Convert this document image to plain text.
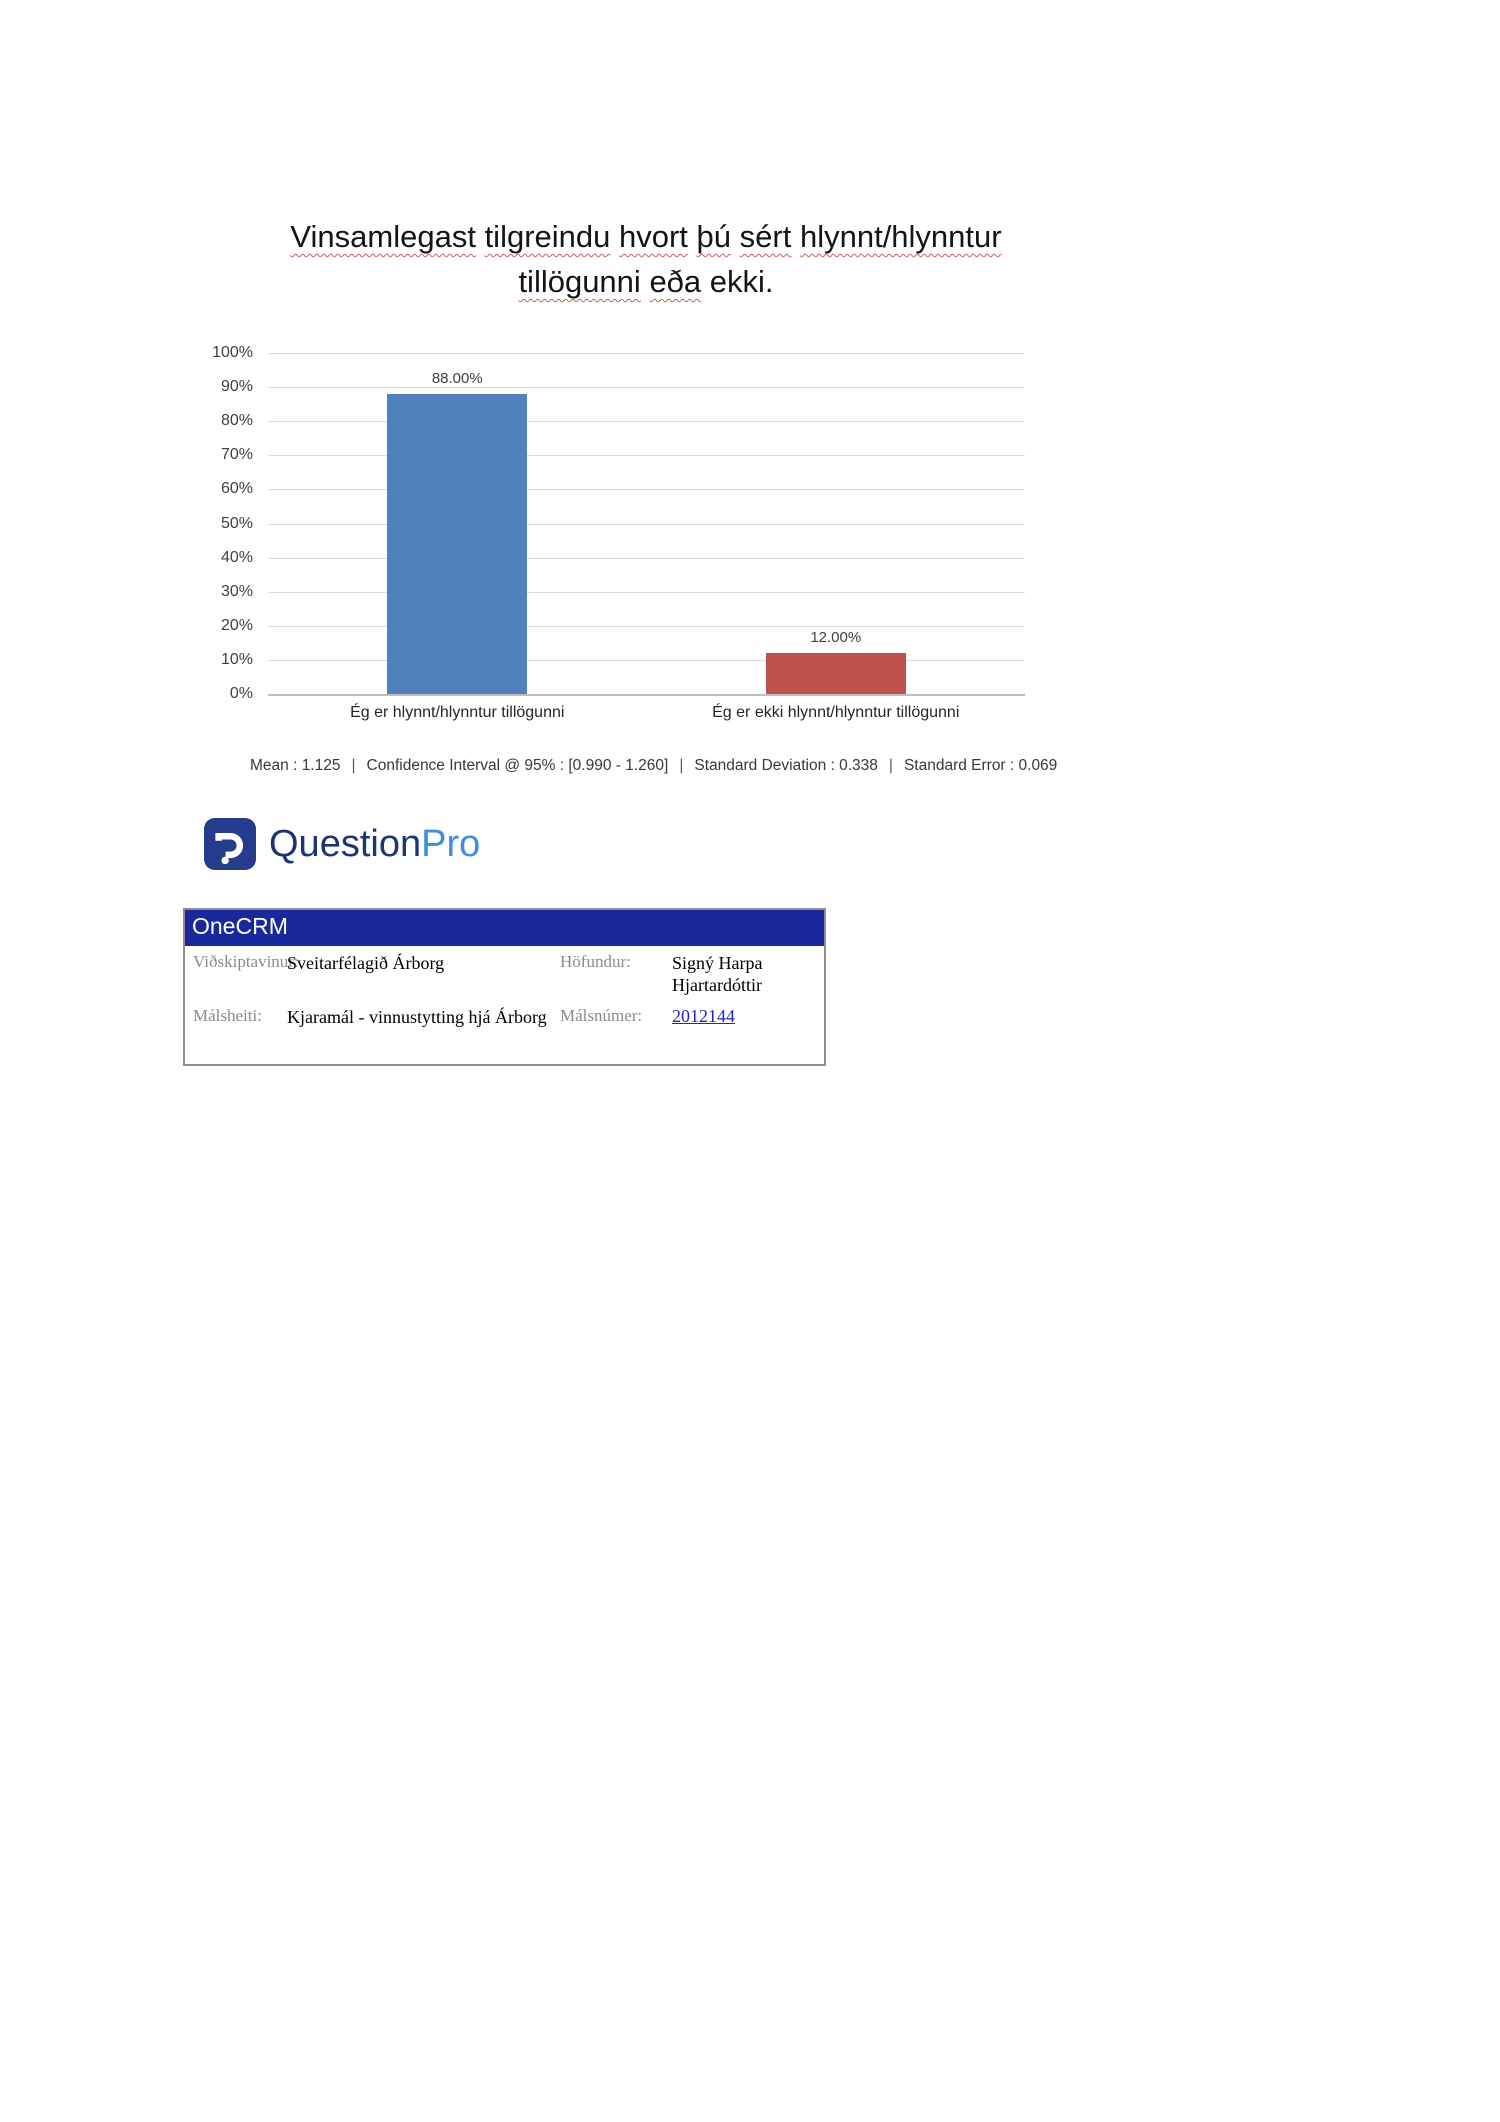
Vinsamlegast tilgreindu hvort þú sért hlynnt/hlynntur
tillögunni eða ekki.
0%
10%
20%
30%
40%
50%
60%
70%
80%
90%
100%
88.00%
Ég er hlynnt/hlynntur tillögunni
12.00%
Ég er ekki hlynnt/hlynntur tillögunni
Mean : 1.125 | Confidence Interval @ 95% : [0.990 - 1.260] | Standard Deviation : 0.338 | Standard Error : 0.069
QuestionPro
OneCRM
Viðskiptavinur:
Sveitarfélagið Árborg	Höfundur:	Signý Harpa Hjartardóttir
Málsheiti:	Kjaramál - vinnustytting hjá Árborg Málsnúmer:	2012144
